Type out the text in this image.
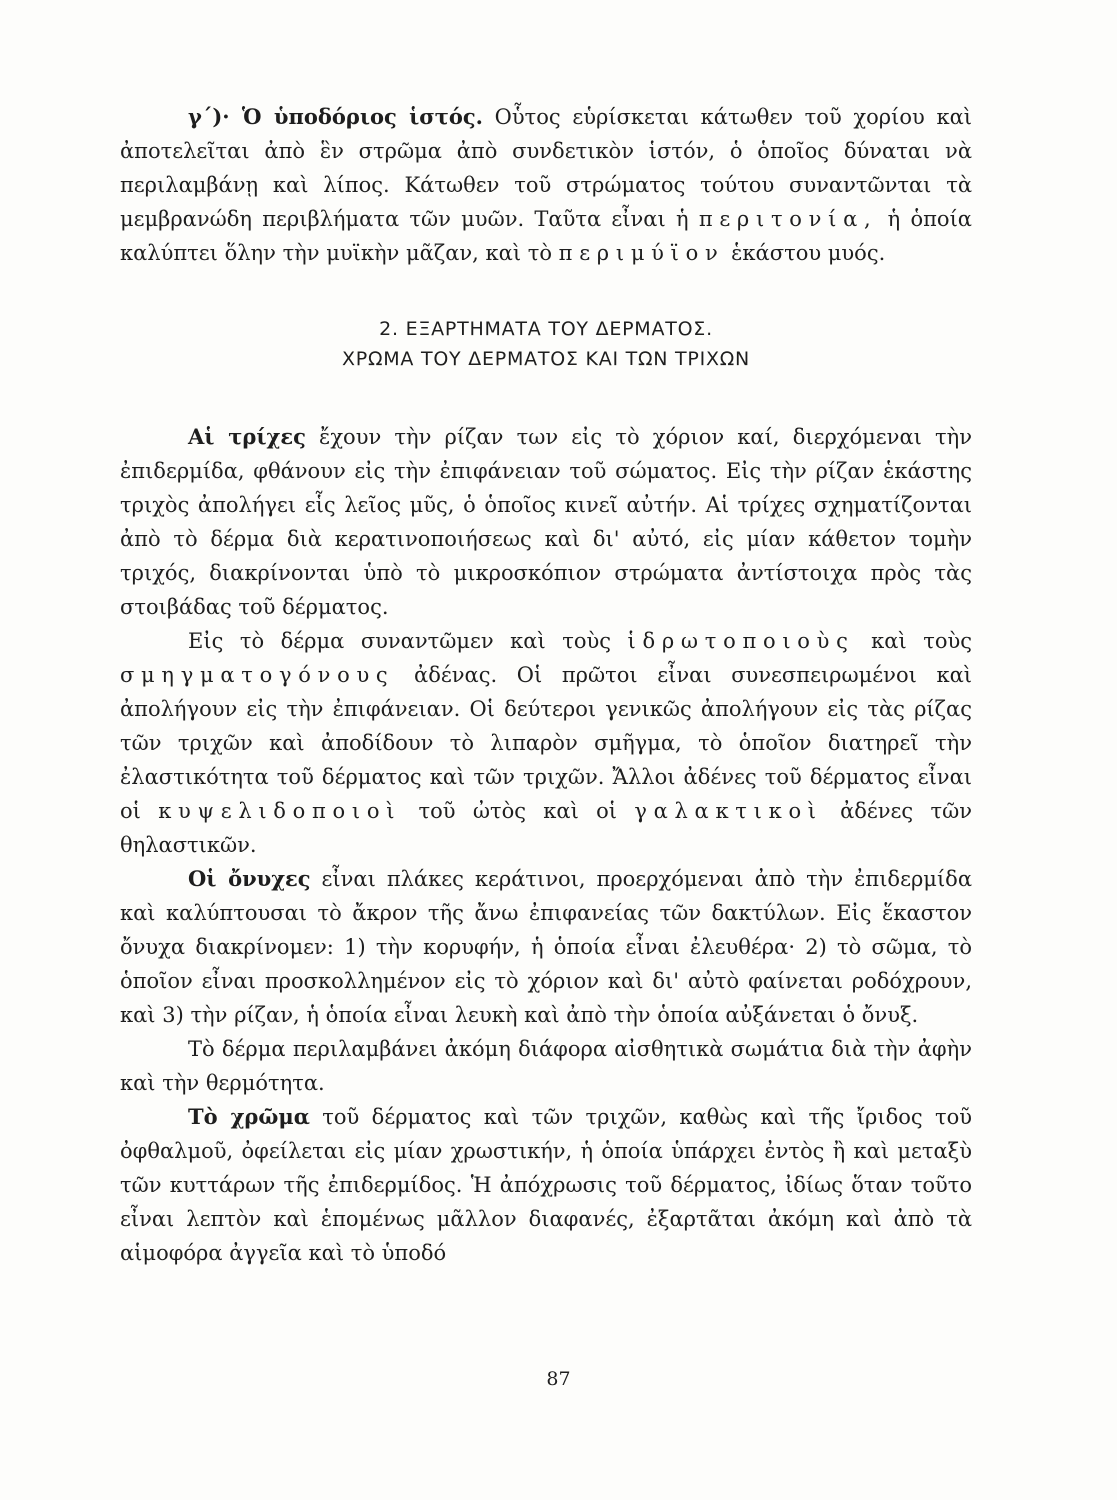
γ΄)· Ὁ ὑποδόριος ἱστός. Οὗτος εὑρίσκεται κάτωθεν τοῦ χορίου καὶ ἀποτελεῖται ἀπὸ ἓν στρῶμα ἀπὸ συνδετικὸν ἱστόν, ὁ ὁποῖος δύναται νὰ περιλαμβάνῃ καὶ λίπος. Κάτωθεν τοῦ στρώματος τούτου συναντῶνται τὰ μεμβρανώδη περιβλήματα τῶν μυῶν. Ταῦτα εἶναι ἡ περιτονία, ἡ ὁποία καλύπτει ὅλην τὴν μυϊκὴν μᾶζαν, καὶ τὸ περιμύϊον ἑκάστου μυός.

2. ΕΞΑΡΤΗΜΑΤΑ ΤΟΥ ΔΕΡΜΑΤΟΣ.
ΧΡΩΜΑ ΤΟΥ ΔΕΡΜΑΤΟΣ ΚΑΙ ΤΩΝ ΤΡΙΧΩΝ

Αἱ τρίχες ἔχουν τὴν ρίζαν των εἰς τὸ χόριον καί, διερχόμεναι τὴν ἐπιδερμίδα, φθάνουν εἰς τὴν ἐπιφάνειαν τοῦ σώματος. Εἰς τὴν ρίζαν ἑκάστης τριχὸς ἀπολήγει εἷς λεῖος μῦς, ὁ ὁποῖος κινεῖ αὐτήν. Αἱ τρίχες σχηματίζονται ἀπὸ τὸ δέρμα διὰ κερατινοποιήσεως καὶ δι' αὐτό, εἰς μίαν κάθετον τομὴν τριχός, διακρίνονται ὑπὸ τὸ μικροσκόπιον στρώματα ἀντίστοιχα πρὸς τὰς στοιβάδας τοῦ δέρματος.

Εἰς τὸ δέρμα συναντῶμεν καὶ τοὺς ἱδρωτοποιοὺς καὶ τοὺς σμηγματογόνους ἀδένας. Οἱ πρῶτοι εἶναι συνεσπειρωμένοι καὶ ἀπολήγουν εἰς τὴν ἐπιφάνειαν. Οἱ δεύτεροι γενικῶς ἀπολήγουν εἰς τὰς ρίζας τῶν τριχῶν καὶ ἀποδίδουν τὸ λιπαρὸν σμῆγμα, τὸ ὁποῖον διατηρεῖ τὴν ἐλαστικότητα τοῦ δέρματος καὶ τῶν τριχῶν. Ἄλλοι ἀδένες τοῦ δέρματος εἶναι οἱ κυψελιδοποιοὶ τοῦ ὠτὸς καὶ οἱ γαλακτικοὶ ἀδένες τῶν θηλαστικῶν.

Οἱ ὄνυχες εἶναι πλάκες κεράτινοι, προερχόμεναι ἀπὸ τὴν ἐπιδερμίδα καὶ καλύπτουσαι τὸ ἄκρον τῆς ἄνω ἐπιφανείας τῶν δακτύλων. Εἰς ἕκαστον ὄνυχα διακρίνομεν: 1) τὴν κορυφήν, ἡ ὁποία εἶναι ἐλευθέρα· 2) τὸ σῶμα, τὸ ὁποῖον εἶναι προσκολλημένον εἰς τὸ χόριον καὶ δι' αὐτὸ φαίνεται ροδόχρουν, καὶ 3) τὴν ρίζαν, ἡ ὁποία εἶναι λευκὴ καὶ ἀπὸ τὴν ὁποία αὐξάνεται ὁ ὄνυξ.

Τὸ δέρμα περιλαμβάνει ἀκόμη διάφορα αἰσθητικὰ σωμάτια διὰ τὴν ἀφὴν καὶ τὴν θερμότητα.

Τὸ χρῶμα τοῦ δέρματος καὶ τῶν τριχῶν, καθὼς καὶ τῆς ἴριδος τοῦ ὀφθαλμοῦ, ὀφείλεται εἰς μίαν χρωστικήν, ἡ ὁποία ὑπάρχει ἐντὸς ἢ καὶ μεταξὺ τῶν κυττάρων τῆς ἐπιδερμίδος. Ἡ ἀπόχρωσις τοῦ δέρματος, ἰδίως ὅταν τοῦτο εἶναι λεπτὸν καὶ ἑπομένως μᾶλλον διαφανές, ἐξαρτᾶται ἀκόμη καὶ ἀπὸ τὰ αἱμοφόρα ἀγγεῖα καὶ τὸ ὑποδό

87
